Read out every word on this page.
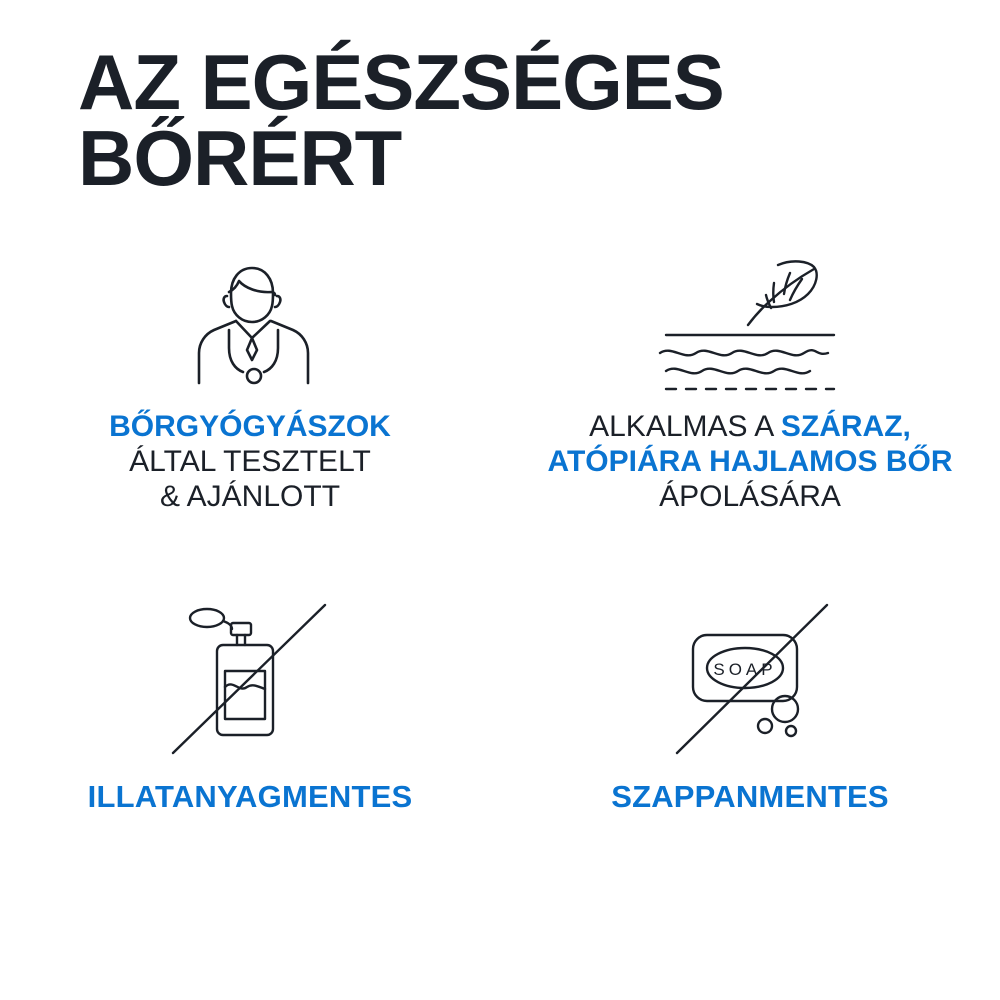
AZ EGÉSZSÉGES
BŐRÉRT
BŐRGYÓGYÁSZOK
ÁLTAL TESZTELT
& AJÁNLOTT
ALKALMAS A SZÁRAZ, ATÓPIÁRA HAJLAMOS BŐR ÁPOLÁSÁRA
ILLATANYAGMENTES
SOAP
SZAPPANMENTES
